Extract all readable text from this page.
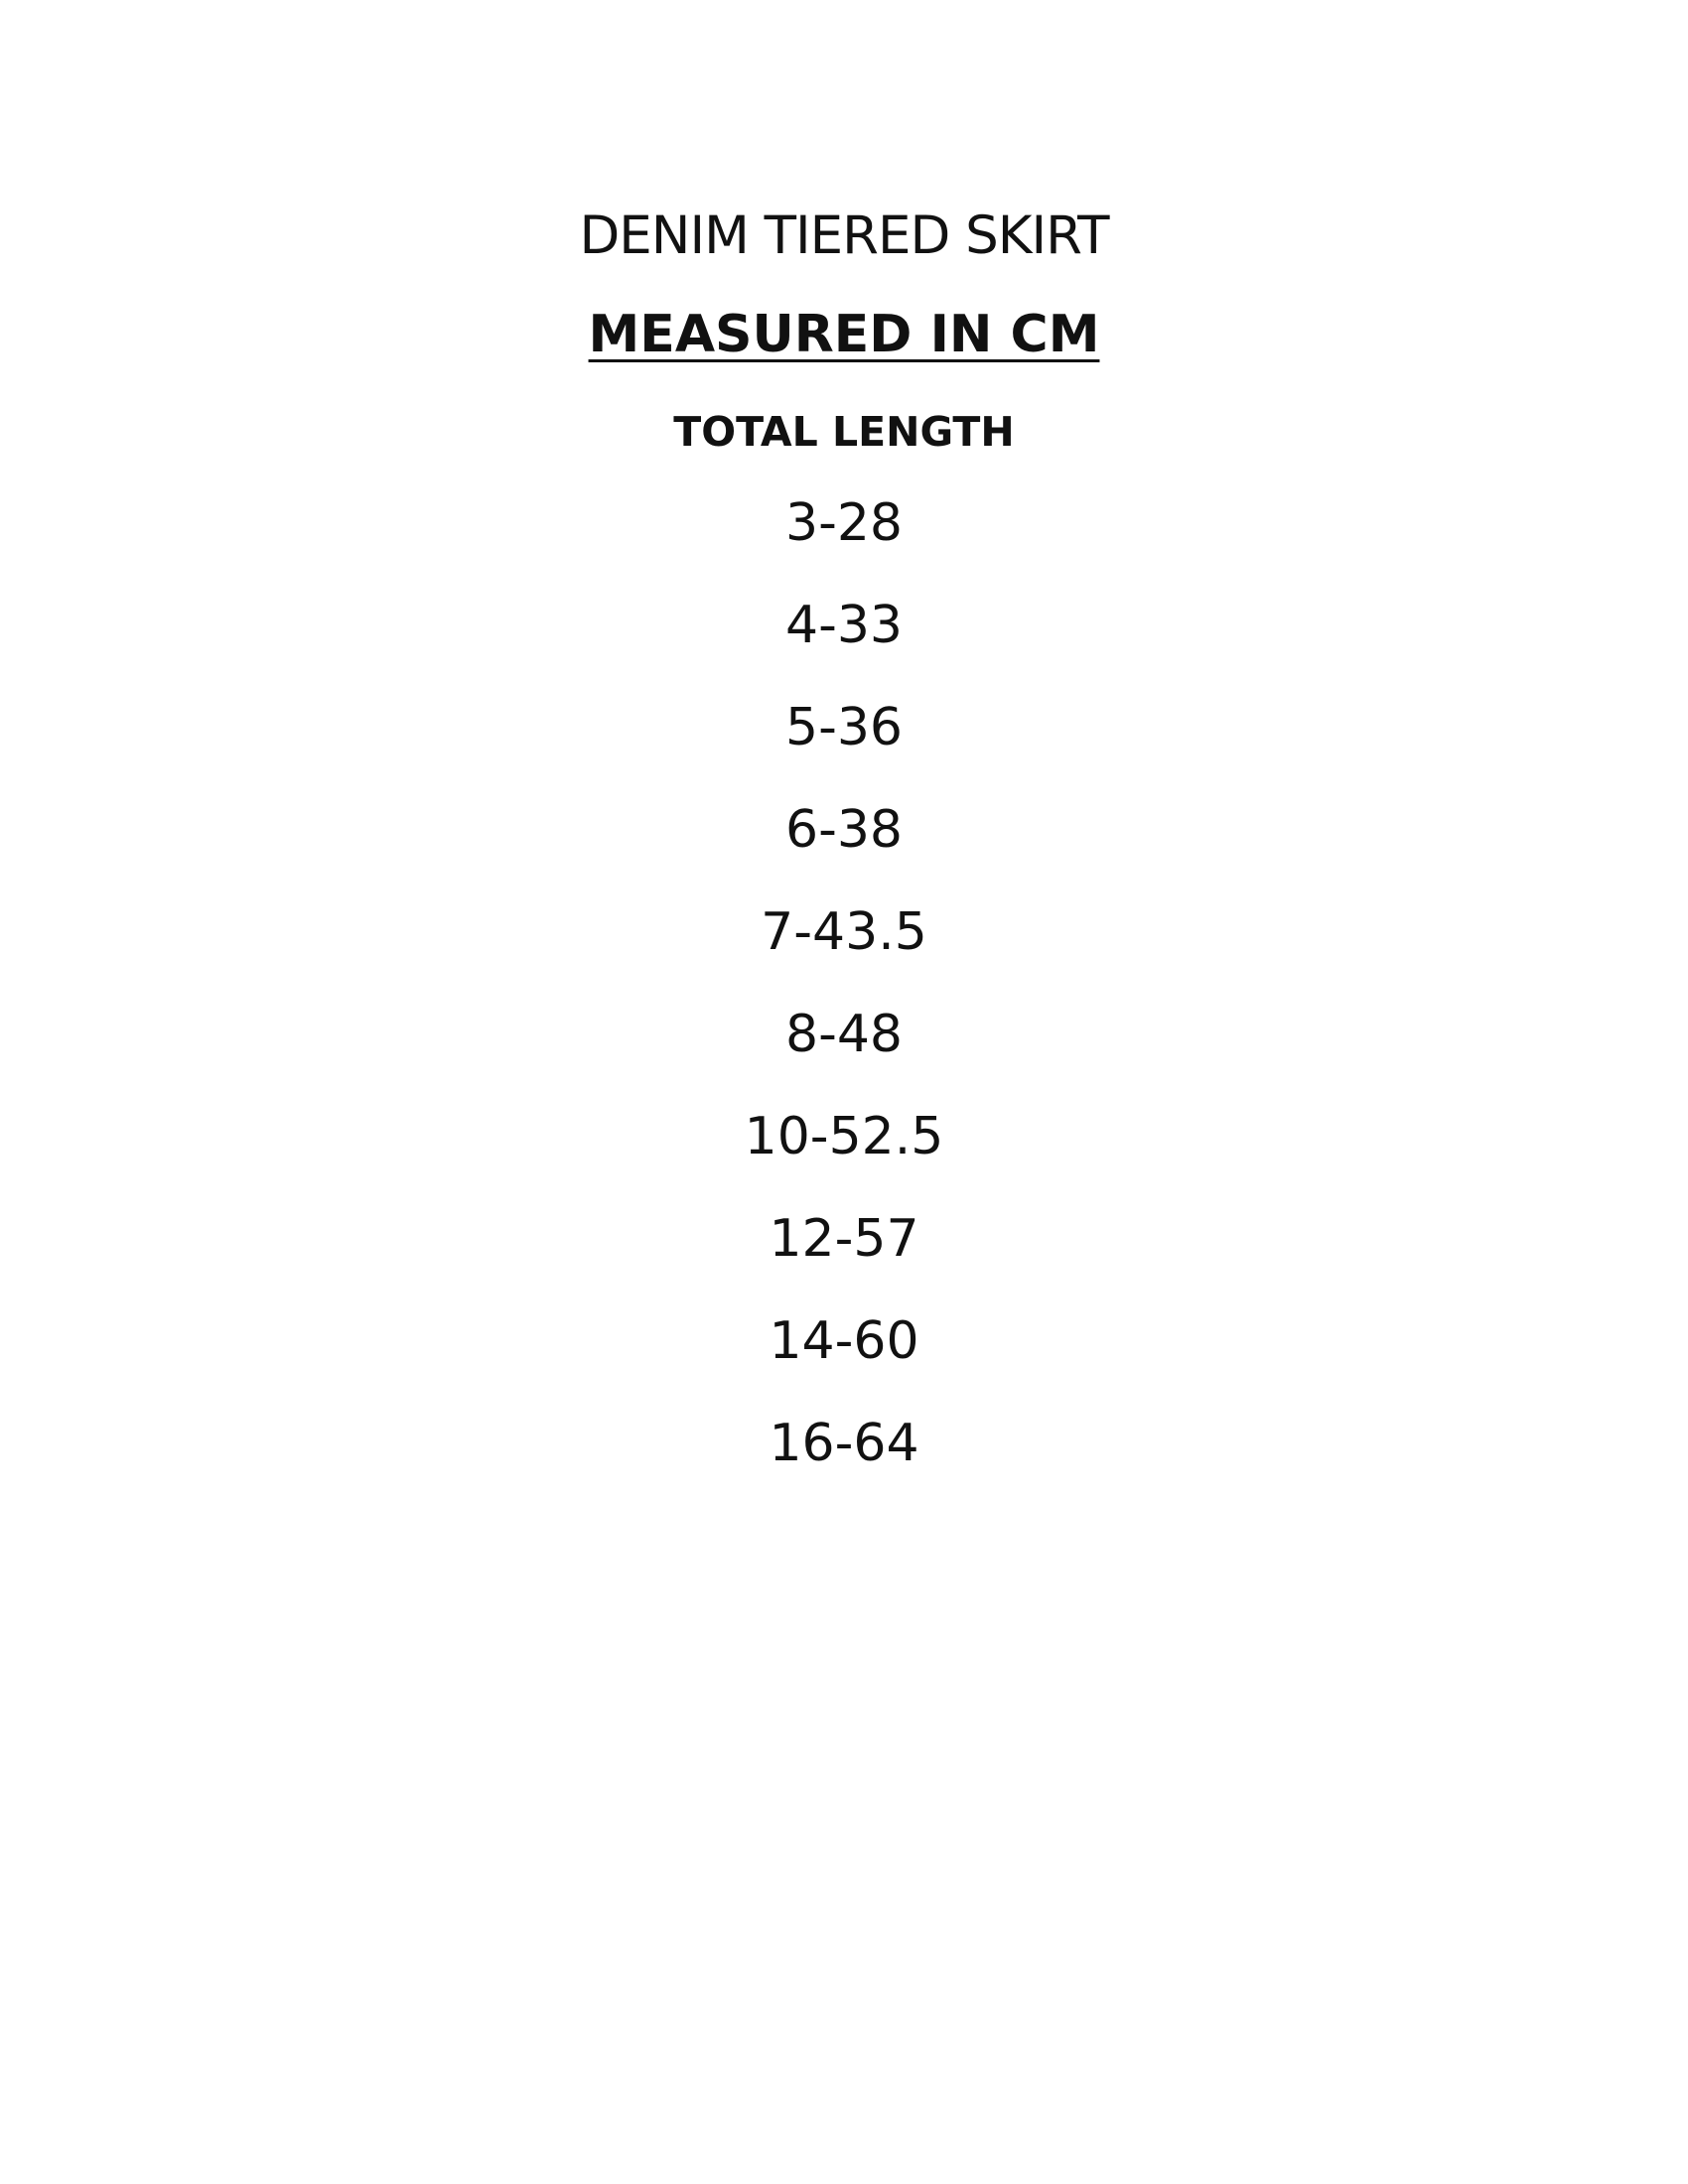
DENIM TIERED SKIRT
MEASURED IN CM
TOTAL LENGTH
3-28
4-33
5-36
6-38
7-43.5
8-48
10-52.5
12-57
14-60
16-64
